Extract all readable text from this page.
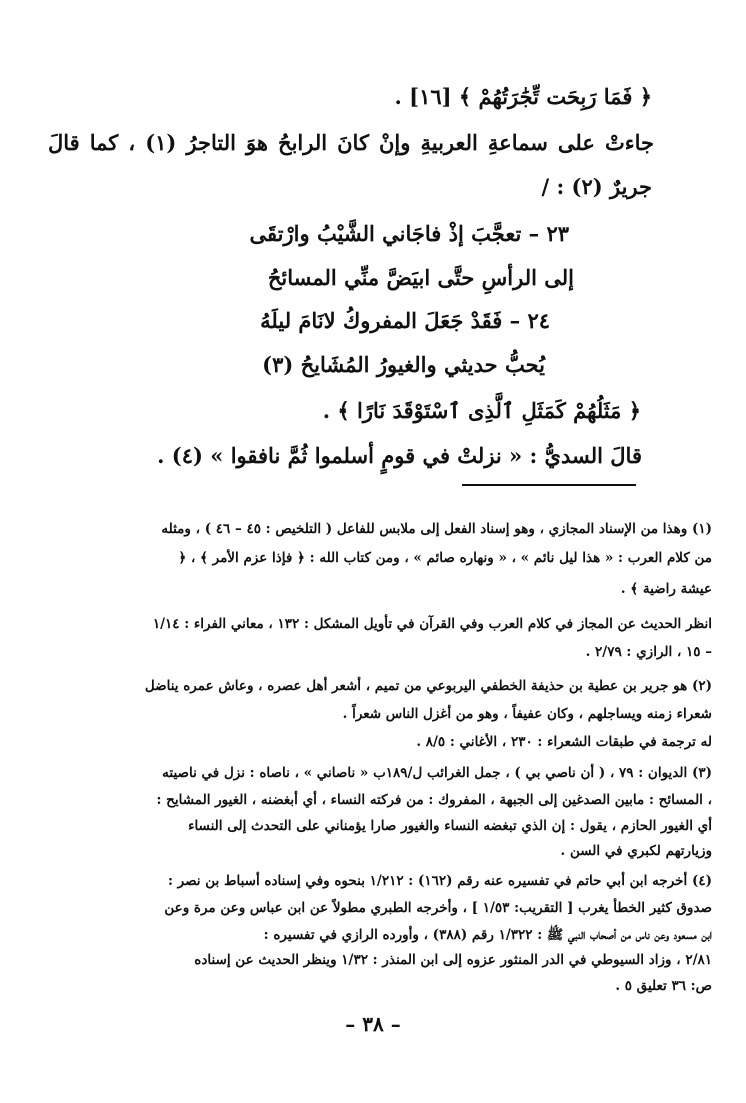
﴿ فَمَا رَبِحَت تِّجَٰرَتُهُمْ ﴾ [١٦] .
جاءتْ على سماعةِ العربيةِ وإنْ كانَ الرابحُ هوَ التاجرُ (١) ، كما قالَ
جريرٌ (٢) : /
٢٣ – تعجَّبَ إذْ فاجَاني الشَّيْبُ وارْتقَى
إلى الرأسِ حتَّى ابيَضَّ منِّي المسائحُ
٢٤ – فَقَدْ جَعَلَ المفروكُ لانَامَ ليلَهُ
يُحبُّ حديثي والغيورُ المُشَايحُ (٣)
﴿ مَثَلُهُمْ كَمَثَلِ ٱلَّذِى ٱسْتَوْقَدَ نَارًا ﴾ .
قالَ السديُّ : « نزلتْ في قومٍ أسلموا ثُمَّ نافقوا » (٤) .
(١) وهذا من الإسناد المجازي ، وهو إسناد الفعل إلى ملابس للفاعل ( التلخيص : ٤٥ – ٤٦ ) ، ومثله
من كلام العرب : « هذا ليل نائم » ، « ونهاره صائم » ، ومن كتاب الله : ﴿ فإذا عزم الأمر ﴾ ، ﴿
عيشة راضية ﴾ .
انظر الحديث عن المجاز في كلام العرب وفي القرآن في تأويل المشكل : ١٣٢ ، معاني الفراء : ١/١٤
– ١٥ ، الرازي : ٢/٧٩ .
(٢) هو جرير بن عطية بن حذيفة الخطفي اليربوعي من تميم ، أشعر أهل عصره ، وعاش عمره يناضل
شعراء زمنه ويساجلهم ، وكان عفيفاً ، وهو من أغزل الناس شعراً .
له ترجمة في طبقات الشعراء : ٢٣٠ ، الأغاني : ٨/٥ .
(٣) الديوان : ٧٩ ، ( أن ناصي بي ) ، جمل الغرائب ل/١٨٩ب « ناصاني » ، ناصاه : نزل في ناصيته
، المسائح : مابين الصدغين إلى الجبهة ، المفروك : من فركته النساء ، أي أبغضنه ، الغيور المشايح :
أي الغيور الحازم ، يقول : إن الذي تبغضه النساء والغيور صارا يؤمناني على التحدث إلى النساء
وزيارتهم لكبري في السن .
(٤) أخرجه ابن أبي حاتم في تفسيره عنه رقم (١٦٢) : ١/٢١٢ بنحوه وفي إسناده أسباط بن نصر :
صدوق كثير الخطأ يغرب [ التقريب: ١/٥٣ ] ، وأخرجه الطبري مطولاً عن ابن عباس وعن مرة وعن
ابن مسعود وعن ناس من أصحاب النبي ﷺ : ١/٣٢٢ رقم (٣٨٨) ، وأورده الرازي في تفسيره :
٢/٨١ ، وزاد السيوطي في الدر المنثور عزوه إلى ابن المنذر : ١/٣٢ وينظر الحديث عن إسناده
ص: ٣٦ تعليق ٥ .
– ٣٨ –
